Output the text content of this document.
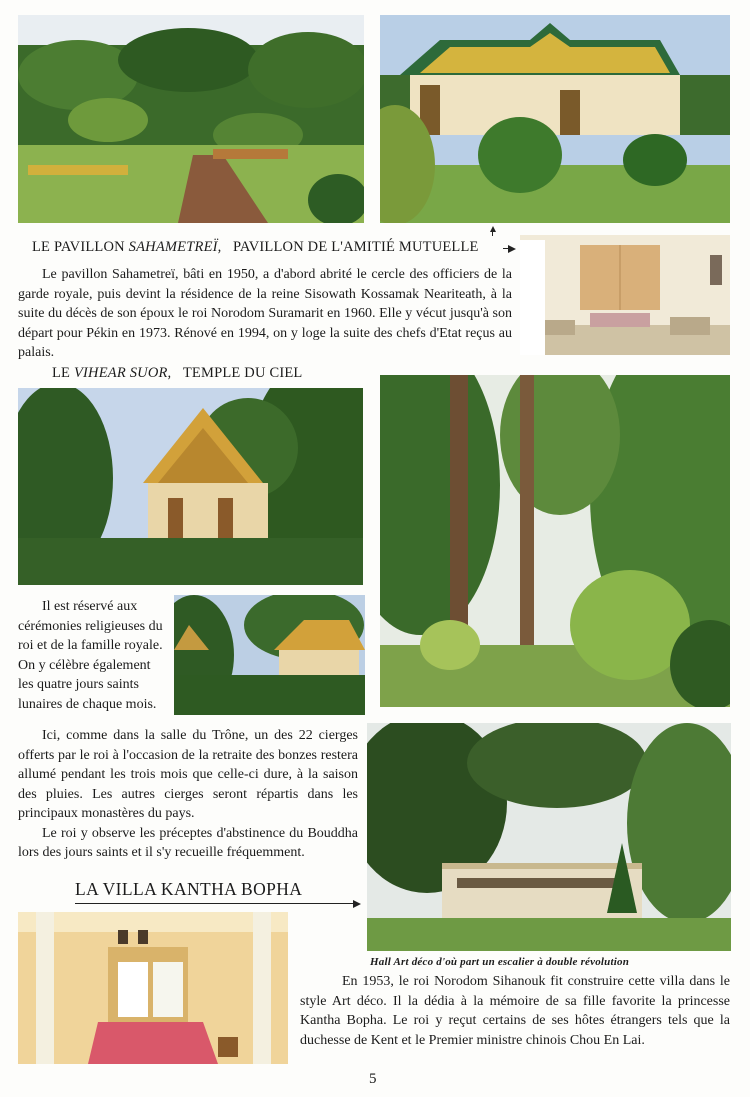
LE PAVILLON SAHAMETREÏ, PAVILLON DE L'AMITIÉ MUTUELLE

Le pavillon Sahametreï, bâti en 1950, a d'abord abrité le cercle des officiers de la garde royale, puis devint la résidence de la reine Sisowath Kossamak Neariteath, à la suite du décès de son époux le roi Norodom Suramarit en 1960. Elle y vécut jusqu'à son départ pour Pékin en 1973. Rénové en 1994, on y loge la suite des chefs d'Etat reçus au palais.

LE VIHEAR SUOR, TEMPLE DU CIEL

Il est réservé aux cérémonies religieuses du roi et de la famille royale. On y célèbre également les quatre jours saints lunaires de chaque mois.

Ici, comme dans la salle du Trône, un des 22 cierges offerts par le roi à l'occasion de la retraite des bonzes restera allumé pendant les trois mois que celle-ci dure, à la saison des pluies. Les autres cierges seront répartis dans les principaux monastères du pays.

Le roi y observe les préceptes d'abstinence du Bouddha lors des jours saints et il s'y recueille fréquemment.

LA VILLA KANTHA BOPHA
Hall Art déco d'où part un escalier à double révolution

En 1953, le roi Norodom Sihanouk fit construire cette villa dans le style Art déco. Il la dédia à la mémoire de sa fille favorite la princesse Kantha Bopha. Le roi y reçut certains de ses hôtes étrangers tels que la duchesse de Kent et le Premier ministre chinois Chou En Lai.

5
